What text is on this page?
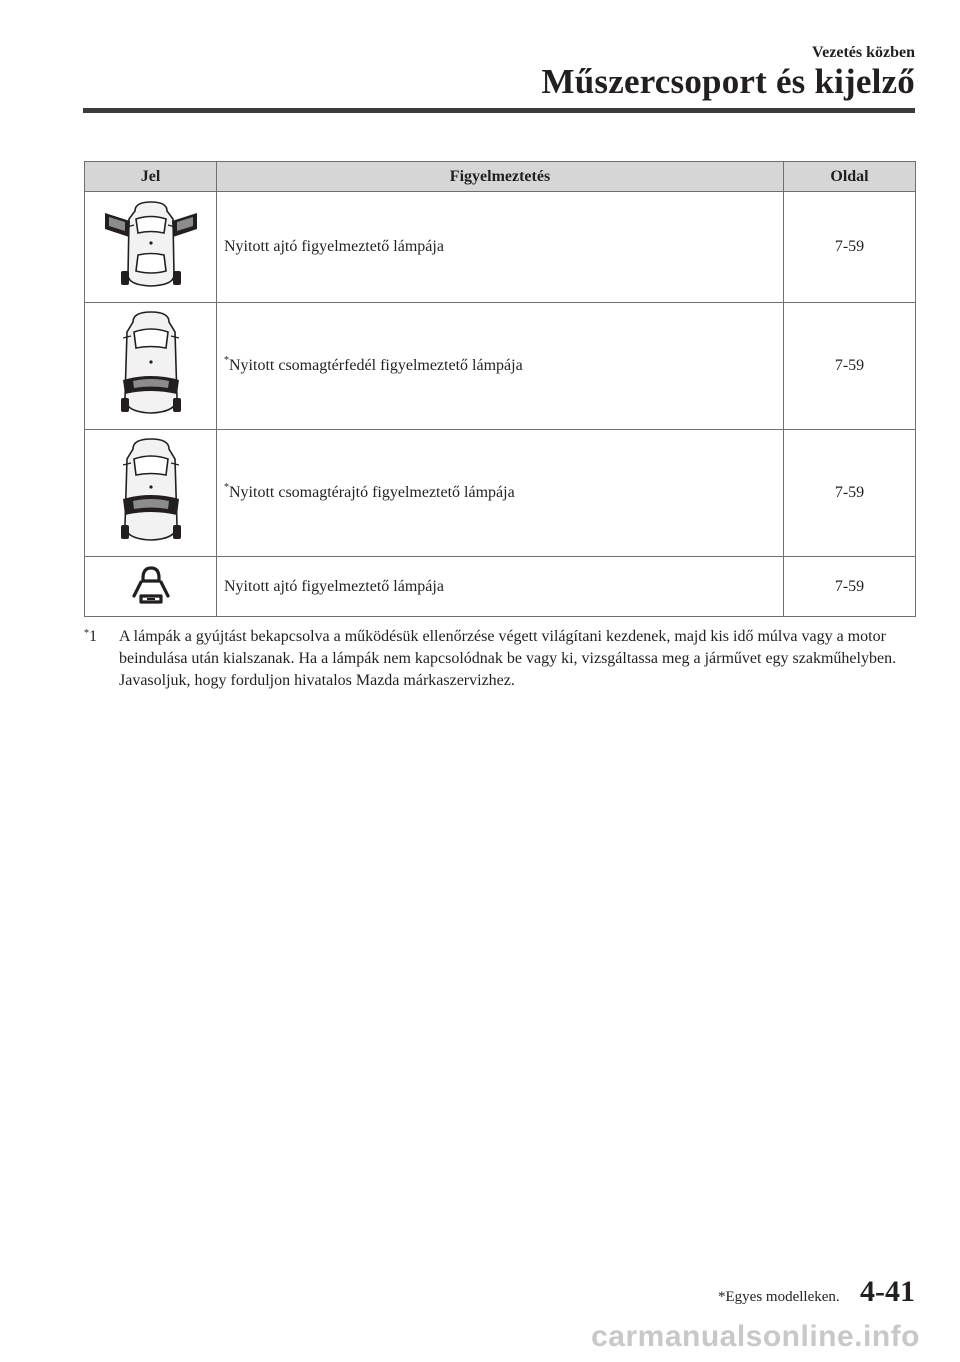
Vezetés közben
Műszercsoport és kijelző
Jel	Figyelmeztetés	Oldal
	Nyitott ajtó figyelmeztető lámpája	7-59
	*Nyitott csomagtérfedél figyelmeztető lámpája	7-59
	*Nyitott csomagtérajtó figyelmeztető lámpája	7-59
	Nyitott ajtó figyelmeztető lámpája	7-59
*1 A lámpák a gyújtást bekapcsolva a működésük ellenőrzése végett világítani kezdenek, majd kis idő múlva vagy a motor beindulása után kialszanak. Ha a lámpák nem kapcsolódnak be vagy ki, vizsgáltassa meg a járművet egy szakműhelyben. Javasoljuk, hogy forduljon hivatalos Mazda márkaszervizhez.
*Egyes modelleken. 4-41
carmanualsonline.info
